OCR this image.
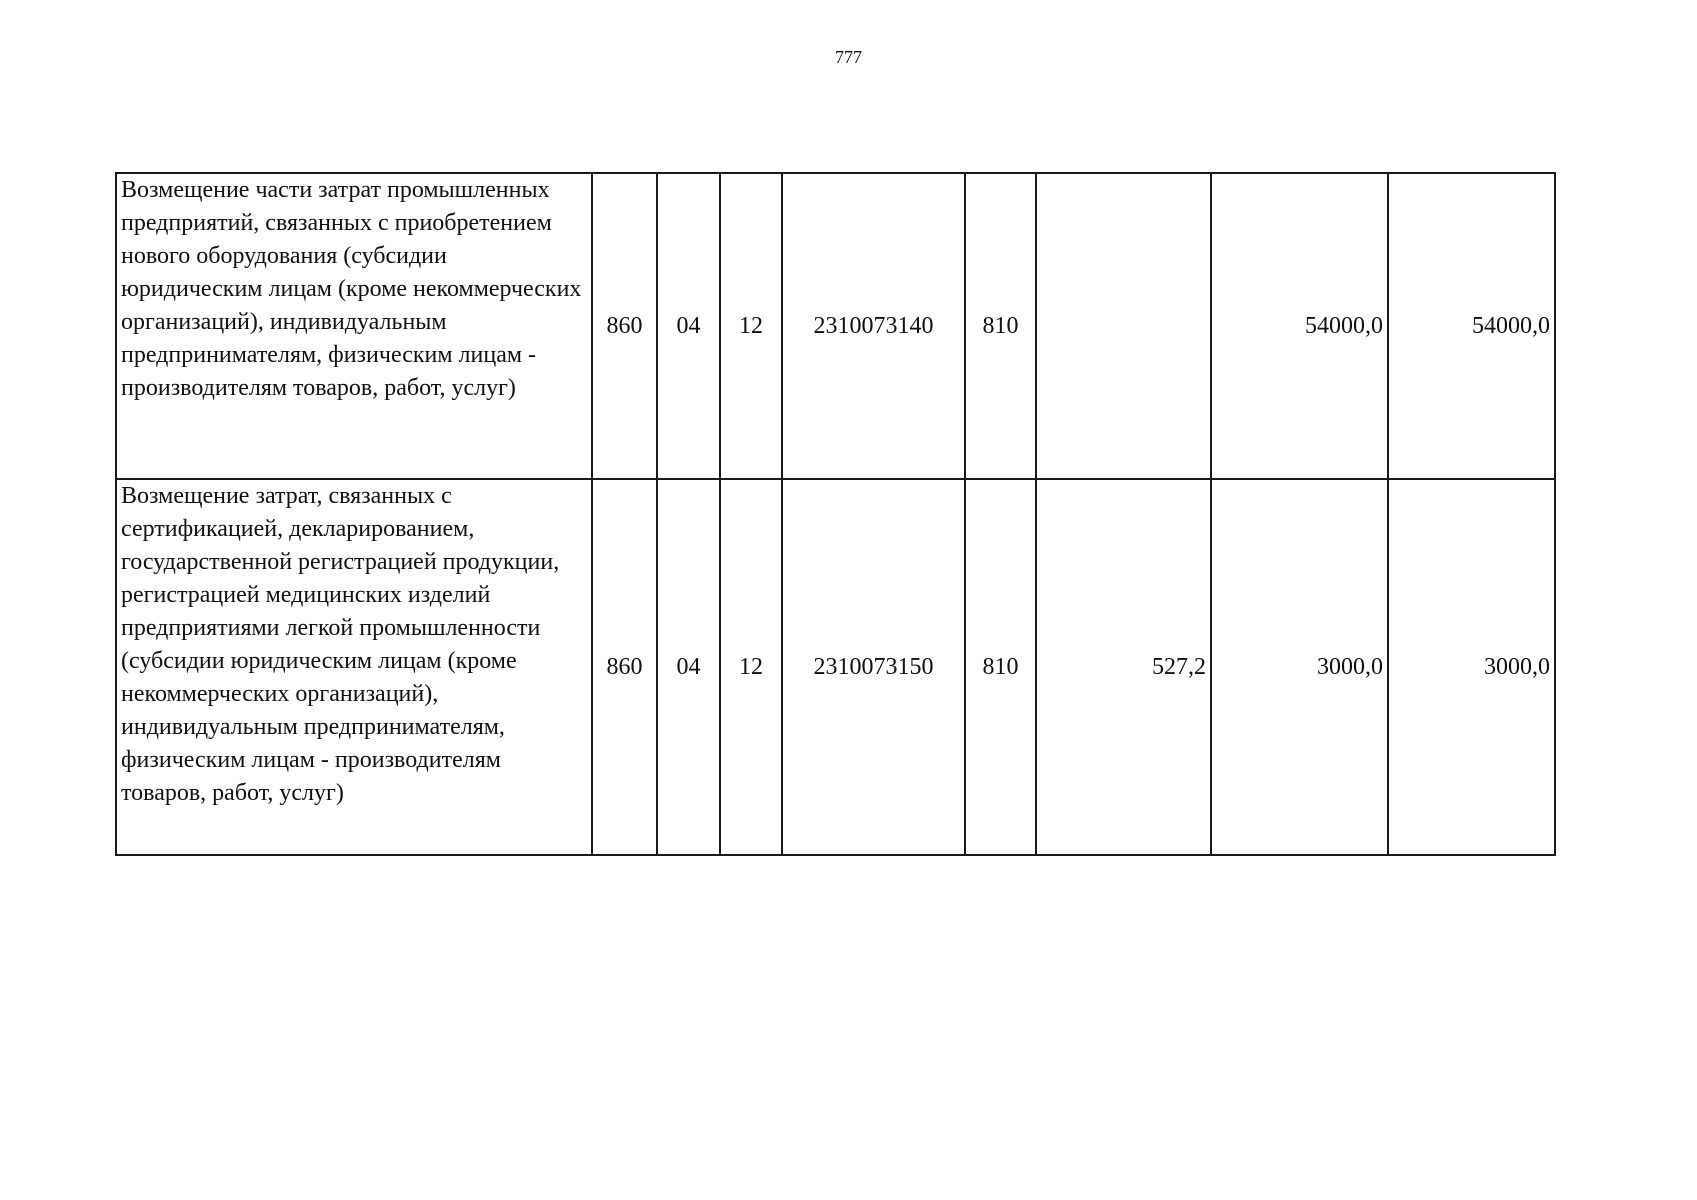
777
Возмещение части затрат промышленных предприятий, связанных с приобретением нового оборудования (субсидии юридическим лицам (кроме некоммерческих организаций), индивидуальным предпринимателям, физическим лицам - производителям товаров, работ, услуг)	860	04	12	2310073140	810		54000,0	54000,0
Возмещение затрат, связанных с сертификацией, декларированием, государственной регистрацией продукции, регистрацией медицинских изделий предприятиями легкой промышленности (субсидии юридическим лицам (кроме некоммерческих организаций), индивидуальным предпринимателям, физическим лицам - производителям товаров, работ, услуг)	860	04	12	2310073150	810	527,2	3000,0	3000,0
